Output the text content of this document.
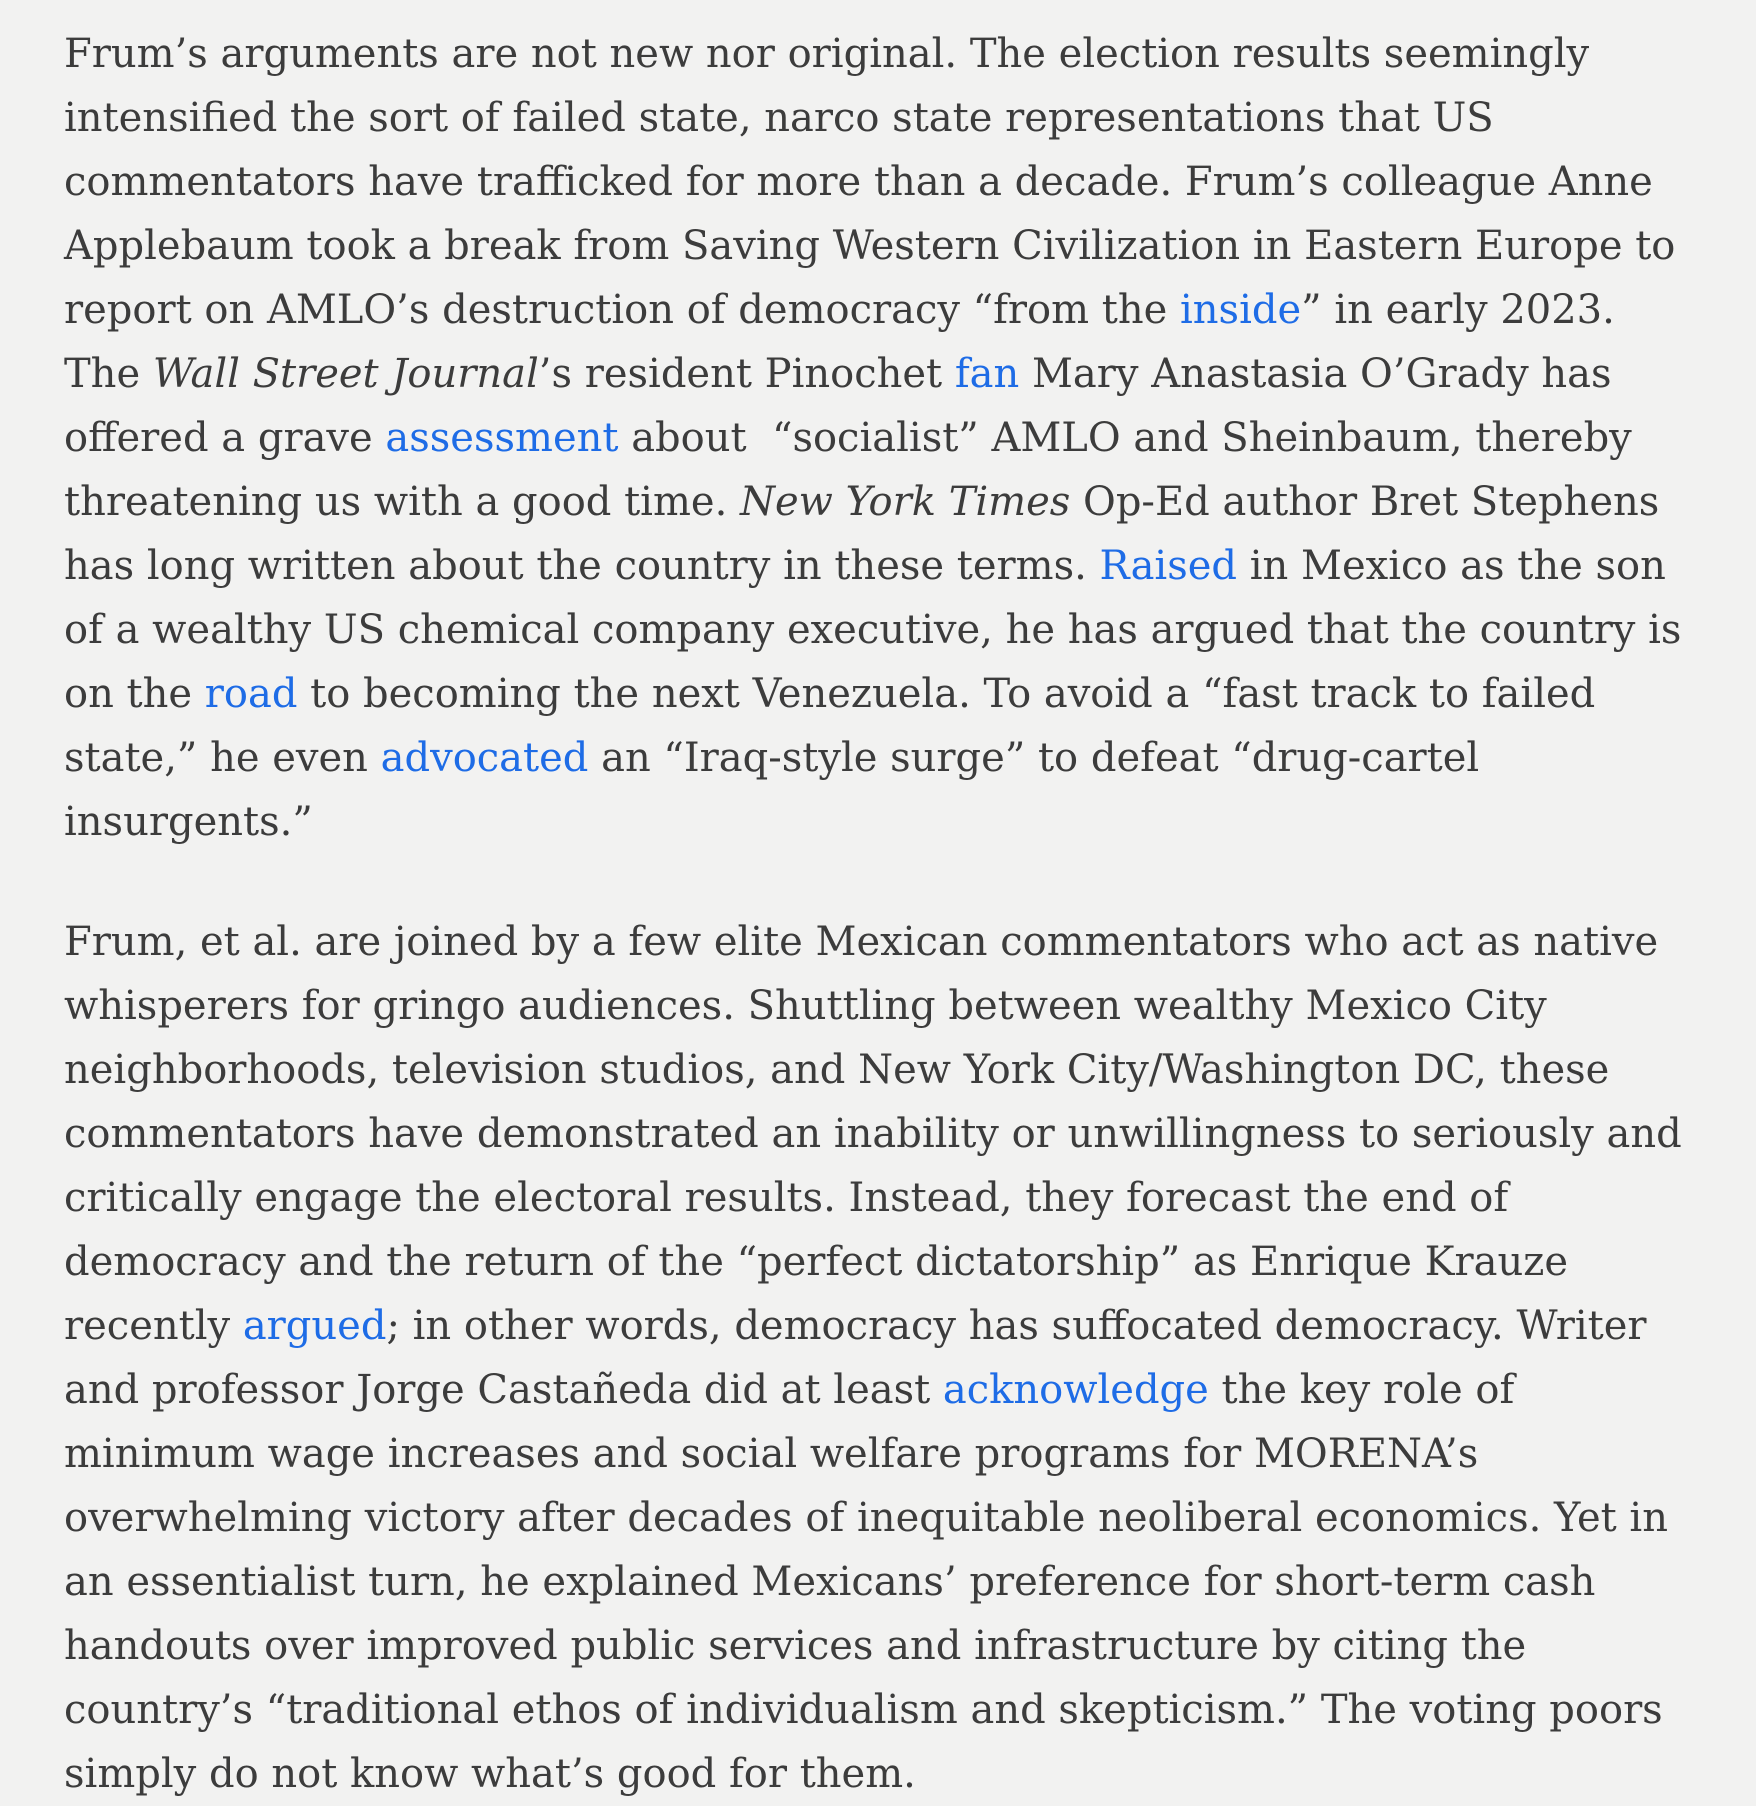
Frum’s arguments are not new nor original. The election results seemingly intensified the sort of failed state, narco state representations that US commentators have trafficked for more than a decade. Frum’s colleague Anne Applebaum took a break from Saving Western Civilization in Eastern Europe to report on AMLO’s destruction of democracy “from the inside” in early 2023. The Wall Street Journal’s resident Pinochet fan Mary Anastasia O’Grady has offered a grave assessment about  “socialist” AMLO and Sheinbaum, thereby threatening us with a good time. New York Times Op-Ed author Bret Stephens has long written about the country in these terms. Raised in Mexico as the son of a wealthy US chemical company executive, he has argued that the country is on the road to becoming the next Venezuela. To avoid a “fast track to failed state,” he even advocated an “Iraq-style surge” to defeat “drug-cartel insurgents.”

Frum, et al. are joined by a few elite Mexican commentators who act as native whisperers for gringo audiences. Shuttling between wealthy Mexico City neighborhoods, television studios, and New York City/Washington DC, these commentators have demonstrated an inability or unwillingness to seriously and critically engage the electoral results. Instead, they forecast the end of democracy and the return of the “perfect dictatorship” as Enrique Krauze recently argued; in other words, democracy has suffocated democracy. Writer and professor Jorge Castañeda did at least acknowledge the key role of minimum wage increases and social welfare programs for MORENA’s overwhelming victory after decades of inequitable neoliberal economics. Yet in an essentialist turn, he explained Mexicans’ preference for short-term cash handouts over improved public services and infrastructure by citing the country’s “traditional ethos of individualism and skepticism.” The voting poors simply do not know what’s good for them.
